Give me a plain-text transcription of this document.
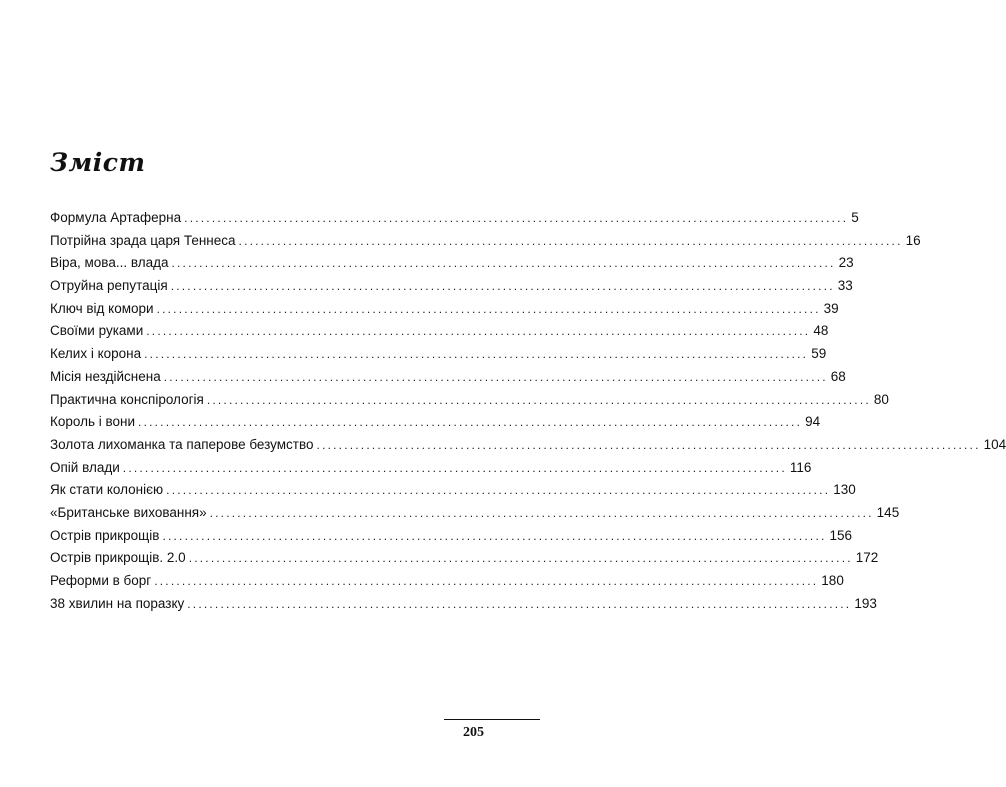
Зміст
Формула Артаферна ........................................................................................................................ 5
Потрійна зрада царя Теннеса ........................................................................................................................ 16
Віра, мова... влада ........................................................................................................................ 23
Отруйна репутація ........................................................................................................................ 33
Ключ від комори ........................................................................................................................ 39
Своїми руками ........................................................................................................................ 48
Келих і корона ........................................................................................................................ 59
Місія нездійснена ........................................................................................................................ 68
Практична конспірологія ........................................................................................................................ 80
Король і вони ........................................................................................................................ 94
Золота лихоманка та паперове безумство ........................................................................................................................ 104
Опій влади ........................................................................................................................ 116
Як стати колонією ........................................................................................................................ 130
«Британське виховання» ........................................................................................................................ 145
Острів прикрощів ........................................................................................................................ 156
Острів прикрощів. 2.0 ........................................................................................................................ 172
Реформи в борг ........................................................................................................................ 180
38 хвилин на поразку ........................................................................................................................ 193
205
